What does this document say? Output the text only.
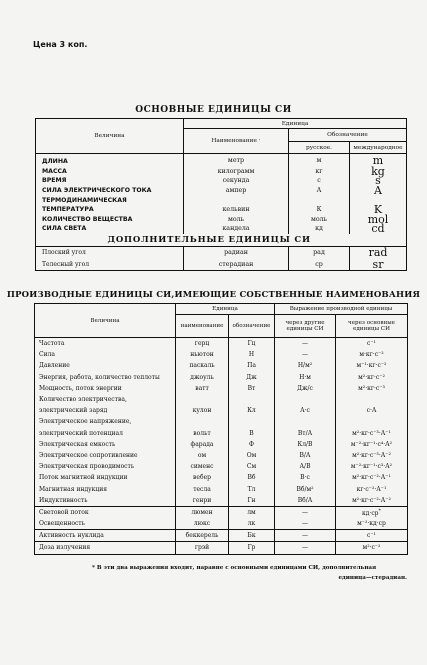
Цена 3 коп.
ОСНОВНЫЕ ЕДИНИЦЫ СИ
Величина	Единица		
	Наименование ·	Обозначение	
		русское.	международное
ДЛИНА	метр	м	m
МАССА	килограмм	кг	kg
ВРЕМЯ	секунда	с	s
СИЛА ЭЛЕКТРИЧЕСКОГО ТОКА	ампер	А	A
ТЕРМОДИНАМИЧЕСКАЯ			
ТЕМПЕРАТУРА	кельвин	К	K
КОЛИЧЕСТВО ВЕЩЕСТВА	моль	моль	mol
СИЛА СВЕТА	кандела	кд	cd
	ДОПОЛНИТЕЛЬНЫЕ ЕДИНИЦЫ СИ		
Плоский угол	радиан	рад	rad
Телесный угол	стерадиан	ср	sr
ПРОИЗВОДНЫЕ ЕДИНИЦЫ СИ,ИМЕЮЩИЕ СОБСТВЕННЫЕ НАИМЕНОВАНИЯ
Величина	Единица		Выражение производной единицы	
	наименование	обозначение	через другие единицы СИ	через основные единицы СИ
Частота	герц	Гц	—	с⁻¹
Сила	ньютон	Н	—	м·кг·с⁻²
Давление	паскаль	Па	Н/м²	м⁻¹·кг·с⁻²
Энергия, работа, количество теплоты	джоуль	Дж	Н·м	м²·кг·с⁻²
Мощность, поток энергии	ватт	Вт	Дж/с	м²·кг·с⁻³
Количество электричества,				
электрический заряд	кулон	Кл	А·с	с·А
Электрическое напряжение,				
электрический потенциал	вольт	В	Вт/А	м²·кг·с⁻³·А⁻¹
Электрическая емкость	фарада	Ф	Кл/В	м⁻²·кг⁻¹·с⁴·А²
Электрическое сопротивление	ом	Ом	В/А	м²·кг·с⁻³·А⁻²
Электрическая проводимость	сименс	См	А/В	м⁻²·кг⁻¹·с³·А²
Поток магнитной индукции	вебер	Вб	В·с	м²·кг·с⁻²·А⁻¹
Магнитная индукция	тесла	Тл	Вб/м²	кг·с⁻²·А⁻¹
Индуктивность	генри	Гн	Вб/А	м²·кг·с⁻²·А⁻²
Световой поток	люмен	лм	—	кд·ср*
Освещенность	люкс	лк	—	м⁻²·кд·ср
Активность нуклида	беккерель	Бк	—	с⁻¹
Доза излучения	грэй	Гр	—	м²·с⁻²
* В эти два выражения входит, наравне с основными единицами СИ, дополнительная
единица—стерадиан.
